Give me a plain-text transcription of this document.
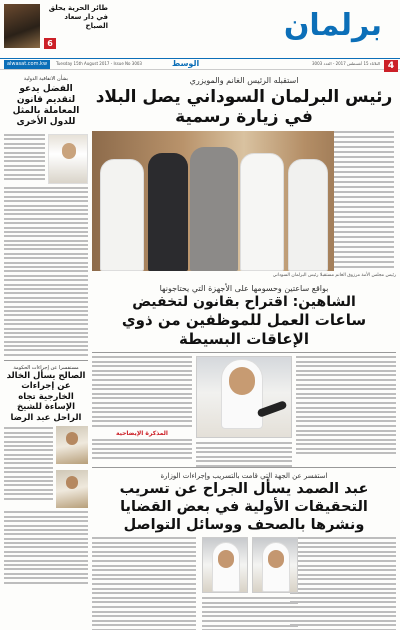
برلمان
طائر الحرية يحلق في دار سعاد الصباح
6
alwasat.com.kw	Tuesday 15th August 2017 - Issue No 3003	الوسط	الثلاثاء 15 أغسطس 2017 - العدد 3003 4
بشأن الاتفاقية الدولية
الفضل يدعو لتقديم قانون المعاملة بالمثل للدول الأخرى
مستفسرا عن إجراءات الحكومة
الصالح يسأل الخالد عن إجراءات الخارجية تجاه الإساءة للشيخ الراحل عبد الرضا
استقبله الرئيس الغانم والمويزري
رئيس البرلمان السوداني يصل البلاد في زيارة رسمية
رئيس مجلس الأمة مرزوق الغانم مستقبلا رئيس البرلمان السوداني
بواقع ساعتين وحسومها على الأجهزة التي يحتاجونها
الشاهين: اقتراح بقانون لتخفيض
ساعات العمل للموظفين من ذوي الإعاقات البسيطة
المذكرة الإيضاحية
استفسر عن الجهة التي قامت بالتسريب وإجراءات الوزارة
عبد الصمد يسأل الجراح عن تسريب التحقيقات الأولية في بعض القضايا ونشرها بالصحف ووسائل التواصل
